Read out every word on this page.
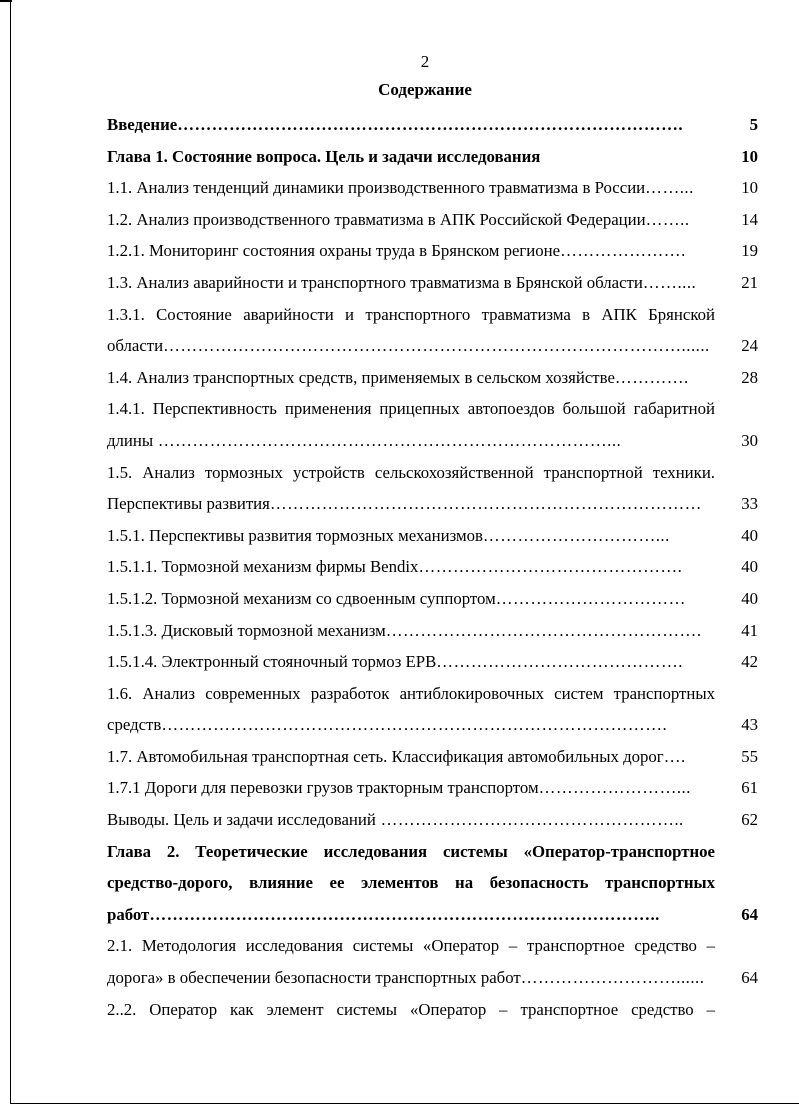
2
Содержание
Введение…………………………………………………………………………….	5
Глава 1. Состояние вопроса. Цель и задачи исследования	10
1.1. Анализ тенденций динамики производственного травматизма в России……...	10
1.2. Анализ производственного травматизма в АПК Российской Федерации……..	14
1.2.1. Мониторинг состояния охраны труда в Брянском регионе………………….	19
1.3. Анализ аварийности и транспортного травматизма в Брянской области……....	21
1.3.1. Состояние аварийности и транспортного травматизма в АПК Брянской
области………………………………………………………………………………......	24
1.4. Анализ транспортных средств, применяемых в сельском хозяйстве………….	28
1.4.1. Перспективность применения прицепных автопоездов большой габаритной
длины ……………………………………………………………………...	30
1.5. Анализ тормозных устройств сельскохозяйственной транспортной техники.
Перспективы развития…………………………………………………………………	33
1.5.1. Перспективы развития тормозных механизмов…………………………...	40
1.5.1.1. Тормозной механизм фирмы Bendix……………………………………….	40
1.5.1.2. Тормозной механизм со сдвоенным суппортом……………………………	40
1.5.1.3. Дисковый тормозной механизм……………………………………………….	41
1.5.1.4. Электронный стояночный тормоз EPB…………………………………….	42
1.6. Анализ современных разработок антиблокировочных систем транспортных
средств…………………………………………………………………………….	43
1.7. Автомобильная транспортная сеть. Классификация автомобильных дорог….	55
1.7.1 Дороги для перевозки грузов тракторным транспортом……………………...	61
Выводы. Цель и задачи исследований ……………………………………………..	62
Глава 2. Теоретические исследования системы «Оператор-транспортное
средство-дорого, влияние ее элементов на безопасность транспортных
работ……………………………………………………………………………..	64
2.1. Методология исследования системы «Оператор – транспортное средство –
дорога» в обеспечении безопасности транспортных работ………………………......	64
2..2. Оператор как элемент системы «Оператор – транспортное средство –
